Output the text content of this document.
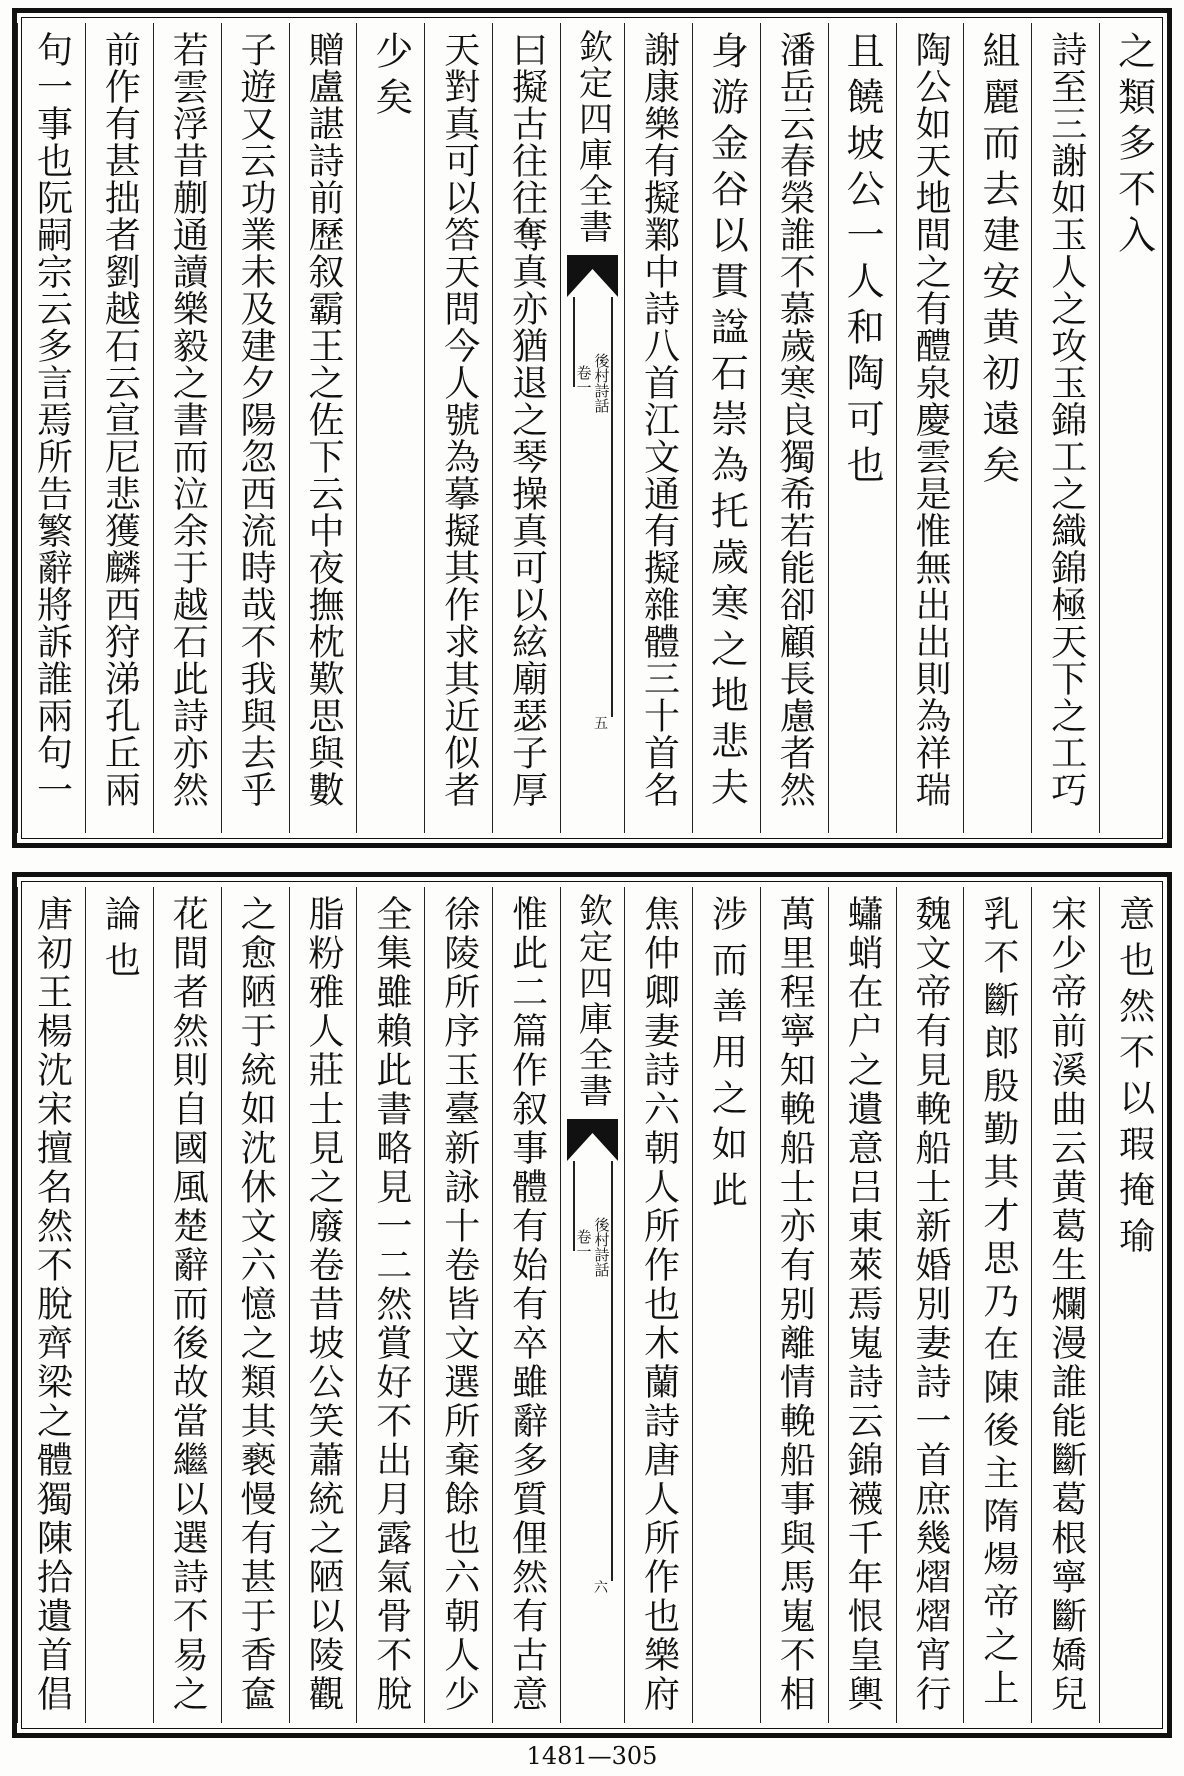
之類多不入
詩至三謝如玉人之攻玉錦工之織錦極天下之工巧
組麗而去建安黄初遠矣
陶公如天地間之有醴泉慶雲是惟無出出則為祥瑞
且饒坡公一人和陶可也
潘岳云春榮誰不慕歲寒良獨希若能卻顧長慮者然
身游金谷以貫諡石崇為托歲寒之地悲夫
謝康樂有擬鄴中詩八首江文通有擬雜體三十首名
欽定四庫全書
後村詩話
卷一
五
曰擬古往往奪真亦猶退之琴操真可以絃廟瑟子厚
天對真可以答天問今人號為摹擬其作求其近似者
少矣
贈盧諶詩前歷叙霸王之佐下云中夜撫枕歎思與數
子遊又云功業未及建夕陽忽西流時哉不我與去乎
若雲浮昔蒯通讀樂毅之書而泣余于越石此詩亦然
前作有甚拙者劉越石云宣尼悲獲麟西狩涕孔丘兩
句一事也阮嗣宗云多言焉所告繁辭將訴誰兩句一
意也然不以瑕掩瑜
宋少帝前溪曲云黄葛生爛漫誰能斷葛根寧斷嬌兒
乳不斷郎殷勤其才思乃在陳後主隋煬帝之上
魏文帝有見輓船士新婚別妻詩一首庶幾熠熠宵行
蠨蛸在户之遺意吕東萊焉嵬詩云錦襪千年恨皇輿
萬里程寧知輓船士亦有别離情輓船事與馬嵬不相
涉而善用之如此
焦仲卿妻詩六朝人所作也木蘭詩唐人所作也樂府
欽定四庫全書
後村詩話
卷一
六
惟此二篇作叙事體有始有卒雖辭多質俚然有古意
徐陵所序玉臺新詠十卷皆文選所棄餘也六朝人少
全集雖賴此書略見一二然賞好不出月露氣骨不脫
脂粉雅人莊士見之廢卷昔坡公笑蕭統之陋以陵觀
之愈陋于統如沈休文六憶之類其褻慢有甚于香奩
花間者然則自國風楚辭而後故當繼以選詩不易之
論也
唐初王楊沈宋擅名然不脫齊梁之體獨陳拾遺首倡
1481—305
